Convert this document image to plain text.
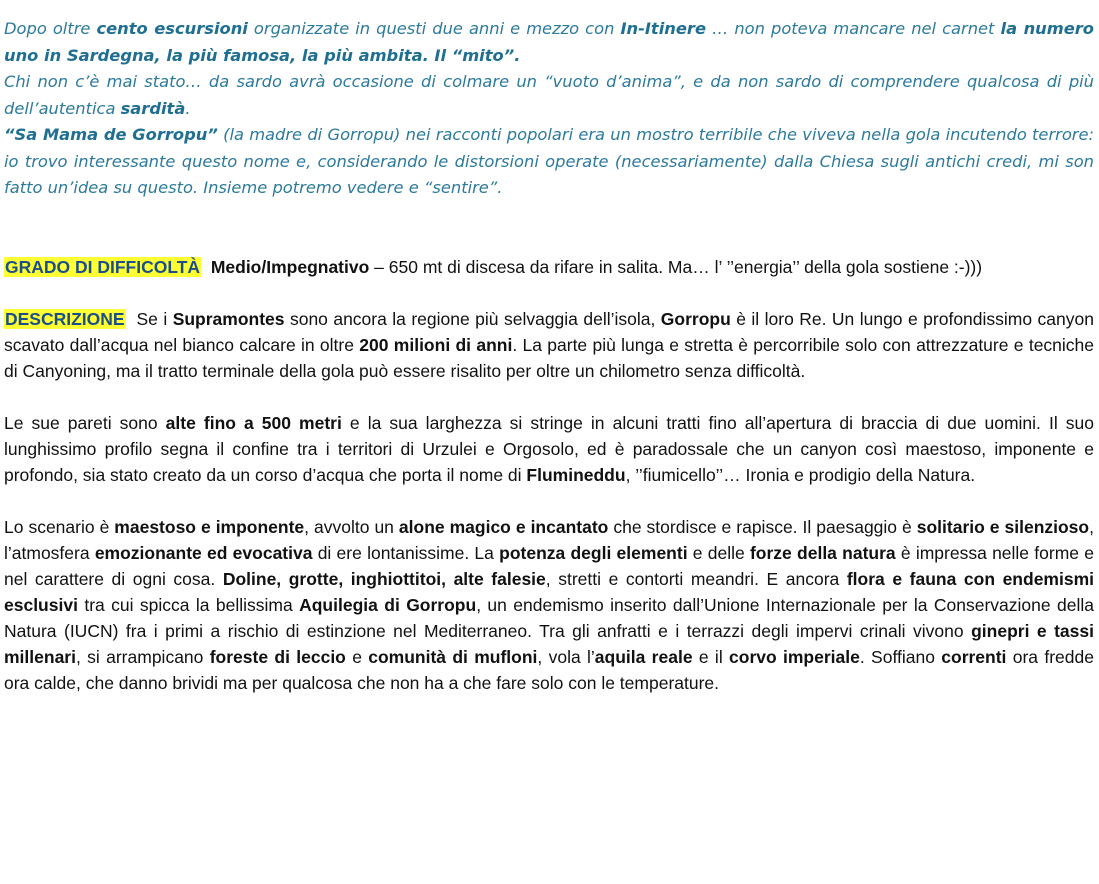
Dopo oltre cento escursioni organizzate in questi due anni e mezzo con In-Itinere … non poteva mancare nel carnet la numero uno in Sardegna, la più famosa, la più ambita. Il “mito”.

Chi non c’è mai stato… da sardo avrà occasione di colmare un “vuoto d’anima”, e da non sardo di comprendere qualcosa di più dell’autentica sardità.

“Sa Mama de Gorropu” (la madre di Gorropu) nei racconti popolari era un mostro terribile che viveva nella gola incutendo terrore: io trovo interessante questo nome e, considerando le distorsioni operate (necessariamente) dalla Chiesa sugli antichi credi, mi son fatto un’idea su questo. Insieme potremo vedere e “sentire”.

GRADO DI DIFFICOLTÀ Medio/Impegnativo – 650 mt di discesa da rifare in salita. Ma… l’ ’’energia’’ della gola sostiene :-)))

DESCRIZIONE Se i Supramontes sono ancora la regione più selvaggia dell’isola, Gorropu è il loro Re. Un lungo e profondissimo canyon scavato dall’acqua nel bianco calcare in oltre 200 milioni di anni. La parte più lunga e stretta è percorribile solo con attrezzature e tecniche di Canyoning, ma il tratto terminale della gola può essere risalito per oltre un chilometro senza difficoltà.

Le sue pareti sono alte fino a 500 metri e la sua larghezza si stringe in alcuni tratti fino all’apertura di braccia di due uomini. Il suo lunghissimo profilo segna il confine tra i territori di Urzulei e Orgosolo, ed è paradossale che un canyon così maestoso, imponente e profondo, sia stato creato da un corso d’acqua che porta il nome di Flumineddu, ’’fiumicello’’… Ironia e prodigio della Natura.

Lo scenario è maestoso e imponente, avvolto un alone magico e incantato che stordisce e rapisce. Il paesaggio è solitario e silenzioso, l’atmosfera emozionante ed evocativa di ere lontanissime. La potenza degli elementi e delle forze della natura è impressa nelle forme e nel carattere di ogni cosa. Doline, grotte, inghiottitoi, alte falesie, stretti e contorti meandri. E ancora flora e fauna con endemismi esclusivi tra cui spicca la bellissima Aquilegia di Gorropu, un endemismo inserito dall’Unione Internazionale per la Conservazione della Natura (IUCN) fra i primi a rischio di estinzione nel Mediterraneo. Tra gli anfratti e i terrazzi degli impervi crinali vivono ginepri e tassi millenari, si arrampicano foreste di leccio e comunità di mufloni, vola l’aquila reale e il corvo imperiale. Soffiano correnti ora fredde ora calde, che danno brividi ma per qualcosa che non ha a che fare solo con le temperature.
